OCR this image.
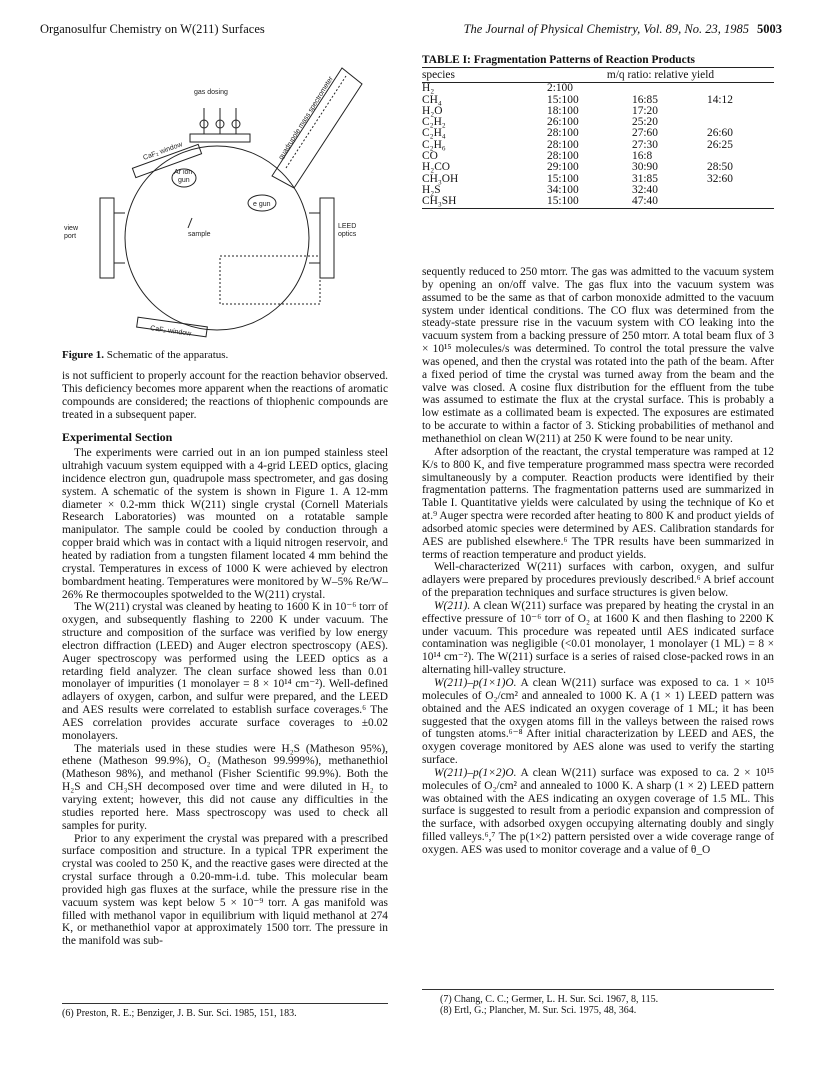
Organosulfur Chemistry on W(211) Surfaces	The Journal of Physical Chemistry, Vol. 89, No. 23, 1985 5003
gas dosing	quadrupole mass spectrometer
CaF₂ window
Ar ion
gun
e gun
view
port	sample
LEED
optics
CaF₂ window
Figure 1. Schematic of the apparatus.
TABLE I: Fragmentation Patterns of Reaction Products
species	m/q ratio: relative yield
H₂	2:100		
CH₄	15:100	16:85	14:12
H₂O	18:100	17:20	
C₂H₂	26:100	25:20	
C₂H₄	28:100	27:60	26:60
C₂H₆	28:100	27:30	26:25
CO	28:100	16:8	
H₂CO	29:100	30:90	28:50
CH₃OH	15:100	31:85	32:60
H₂S	34:100	32:40	
CH₃SH	15:100	47:40	

is not sufficient to properly account for the reaction behavior observed. This deficiency becomes more apparent when the reactions of aromatic compounds are considered; the reactions of thiophenic compounds are treated in a subsequent paper.

Experimental Section

The experiments were carried out in an ion pumped stainless steel ultrahigh vacuum system equipped with a 4-grid LEED optics, glacing incidence electron gun, quadrupole mass spectrometer, and gas dosing system. A schematic of the system is shown in Figure 1. A 12-mm diameter × 0.2-mm thick W(211) single crystal (Cornell Materials Research Laboratories) was mounted on a rotatable sample manipulator. The sample could be cooled by conduction through a copper braid which was in contact with a liquid nitrogen reservoir, and heated by radiation from a tungsten filament located 4 mm behind the crystal. Temperatures in excess of 1000 K were achieved by electron bombardment heating. Temperatures were monitored by W–5% Re/W–26% Re thermocouples spotwelded to the W(211) crystal.

The W(211) crystal was cleaned by heating to 1600 K in 10⁻⁶ torr of oxygen, and subsequently flashing to 2200 K under vacuum. The structure and composition of the surface was verified by low energy electron diffraction (LEED) and Auger electron spectroscopy (AES). Auger spectroscopy was performed using the LEED optics as a retarding field analyzer. The clean surface showed less than 0.01 monolayer of impurities (1 monolayer = 8 × 10¹⁴ cm⁻²). Well-defined adlayers of oxygen, carbon, and sulfur were prepared, and the LEED and AES results were correlated to establish surface coverages.⁶ The AES correlation provides accurate surface coverages to ±0.02 monolayers.

The materials used in these studies were H₂S (Matheson 95%), ethene (Matheson 99.9%), O₂ (Matheson 99.999%), methanethiol (Matheson 98%), and methanol (Fisher Scientific 99.9%). Both the H₂S and CH₃SH decomposed over time and were diluted in H₂ to varying extent; however, this did not cause any difficulties in the studies reported here. Mass spectroscopy was used to check all samples for purity.

Prior to any experiment the crystal was prepared with a prescribed surface composition and structure. In a typical TPR experiment the crystal was cooled to 250 K, and the reactive gases were directed at the crystal surface through a 0.20-mm-i.d. tube. This molecular beam provided high gas fluxes at the surface, while the pressure rise in the vacuum system was kept below 5 × 10⁻⁹ torr. A gas manifold was filled with methanol vapor in equilibrium with liquid methanol at 274 K, or methanethiol vapor at approximately 1500 torr. The pressure in the manifold was sub-

sequently reduced to 250 mtorr. The gas was admitted to the vacuum system by opening an on/off valve. The gas flux into the vacuum system was assumed to be the same as that of carbon monoxide admitted to the vacuum system under identical conditions. The CO flux was determined from the steady-state pressure rise in the vacuum system with CO leaking into the vacuum system from a backing pressure of 250 mtorr. A total beam flux of 3 × 10¹⁵ molecules/s was determined. To control the total pressure the valve was opened, and then the crystal was rotated into the path of the beam. After a fixed period of time the crystal was turned away from the beam and the valve was closed. A cosine flux distribution for the effluent from the tube was assumed to estimate the flux at the crystal surface. This is probably a low estimate as a collimated beam is expected. The exposures are estimated to be accurate to within a factor of 3. Sticking probabilities of methanol and methanethiol on clean W(211) at 250 K were found to be near unity.

After adsorption of the reactant, the crystal temperature was ramped at 12 K/s to 800 K, and five temperature programmed mass spectra were recorded simultaneously by a computer. Reaction products were identified by their fragmentation patterns. The fragmentation patterns used are summarized in Table I. Quantitative yields were calculated by using the technique of Ko et at.⁹ Auger spectra were recorded after heating to 800 K and product yields of adsorbed atomic species were determined by AES. Calibration standards for AES are published elsewhere.⁶ The TPR results have been summarized in terms of reaction temperature and product yields.

Well-characterized W(211) surfaces with carbon, oxygen, and sulfur adlayers were prepared by procedures previously described.⁶ A brief account of the preparation techniques and surface structures is given below.

W(211). A clean W(211) surface was prepared by heating the crystal in an effective pressure of 10⁻⁶ torr of O₂ at 1600 K and then flashing to 2200 K under vacuum. This procedure was repeated until AES indicated surface contamination was negligible (<0.01 monolayer, 1 monolayer (1 ML) = 8 × 10¹⁴ cm⁻²). The W(211) surface is a series of raised close-packed rows in an alternating hill-valley structure.

W(211)–p(1×1)O. A clean W(211) surface was exposed to ca. 1 × 10¹⁵ molecules of O₂/cm² and annealed to 1000 K. A (1 × 1) LEED pattern was obtained and the AES indicated an oxygen coverage of 1 ML; it has been suggested that the oxygen atoms fill in the valleys between the raised rows of tungsten atoms.⁶⁻⁸ After initial characterization by LEED and AES, the oxygen coverage monitored by AES alone was used to verify the starting surface.

W(211)–p(1×2)O. A clean W(211) surface was exposed to ca. 2 × 10¹⁵ molecules of O₂/cm² and annealed to 1000 K. A sharp (1 × 2) LEED pattern was obtained with the AES indicating an oxygen coverage of 1.5 ML. This surface is suggested to result from a periodic expansion and compression of the surface, with adsorbed oxygen occupying alternating doubly and singly filled valleys.⁶,⁷ The p(1×2) pattern persisted over a wide coverage range of oxygen. AES was used to monitor coverage and a value of θ_O

(6) Preston, R. E.; Benziger, J. B. Sur. Sci. 1985, 151, 183.
(7) Chang, C. C.; Germer, L. H. Sur. Sci. 1967, 8, 115.
(8) Ertl, G.; Plancher, M. Sur. Sci. 1975, 48, 364.
